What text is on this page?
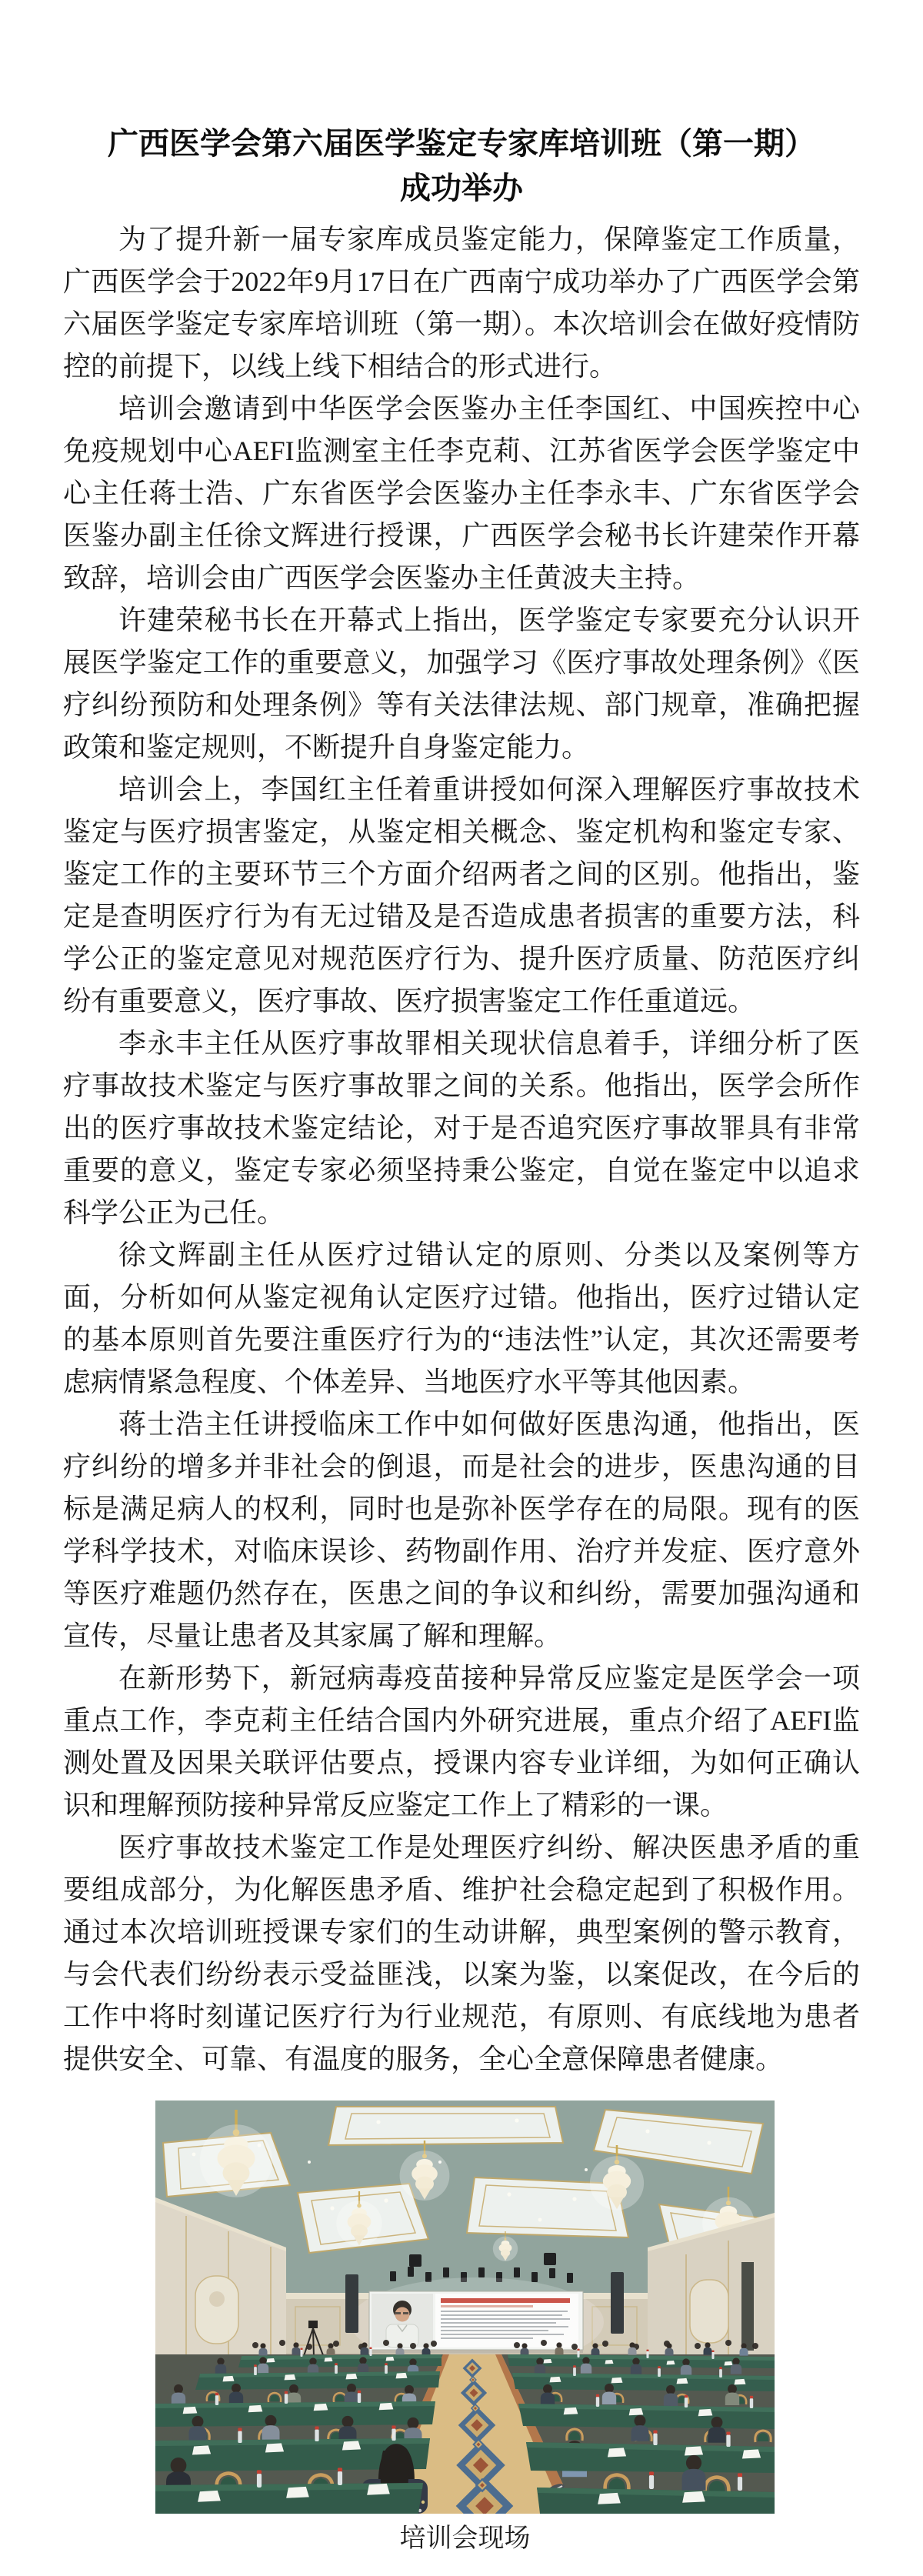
广西医学会第六届医学鉴定专家库培训班（第一期）
成功举办

为了提升新一届专家库成员鉴定能力，保障鉴定工作质量，广西医学会于2022年9月17日在广西南宁成功举办了广西医学会第六届医学鉴定专家库培训班（第一期）。本次培训会在做好疫情防控的前提下，以线上线下相结合的形式进行。

培训会邀请到中华医学会医鉴办主任李国红、中国疾控中心免疫规划中心AEFI监测室主任李克莉、江苏省医学会医学鉴定中心主任蒋士浩、广东省医学会医鉴办主任李永丰、广东省医学会医鉴办副主任徐文辉进行授课，广西医学会秘书长许建荣作开幕致辞，培训会由广西医学会医鉴办主任黄波夫主持。

许建荣秘书长在开幕式上指出，医学鉴定专家要充分认识开展医学鉴定工作的重要意义，加强学习《医疗事故处理条例》《医疗纠纷预防和处理条例》等有关法律法规、部门规章，准确把握政策和鉴定规则，不断提升自身鉴定能力。

培训会上，李国红主任着重讲授如何深入理解医疗事故技术鉴定与医疗损害鉴定，从鉴定相关概念、鉴定机构和鉴定专家、鉴定工作的主要环节三个方面介绍两者之间的区别。他指出，鉴定是查明医疗行为有无过错及是否造成患者损害的重要方法，科学公正的鉴定意见对规范医疗行为、提升医疗质量、防范医疗纠纷有重要意义，医疗事故、医疗损害鉴定工作任重道远。

李永丰主任从医疗事故罪相关现状信息着手，详细分析了医疗事故技术鉴定与医疗事故罪之间的关系。他指出，医学会所作出的医疗事故技术鉴定结论，对于是否追究医疗事故罪具有非常重要的意义，鉴定专家必须坚持秉公鉴定，自觉在鉴定中以追求科学公正为己任。

徐文辉副主任从医疗过错认定的原则、分类以及案例等方面，分析如何从鉴定视角认定医疗过错。他指出，医疗过错认定的基本原则首先要注重医疗行为的“违法性”认定，其次还需要考虑病情紧急程度、个体差异、当地医疗水平等其他因素。

蒋士浩主任讲授临床工作中如何做好医患沟通，他指出，医疗纠纷的增多并非社会的倒退，而是社会的进步，医患沟通的目标是满足病人的权利，同时也是弥补医学存在的局限。现有的医学科学技术，对临床误诊、药物副作用、治疗并发症、医疗意外等医疗难题仍然存在，医患之间的争议和纠纷，需要加强沟通和宣传，尽量让患者及其家属了解和理解。

在新形势下，新冠病毒疫苗接种异常反应鉴定是医学会一项重点工作，李克莉主任结合国内外研究进展，重点介绍了AEFI监测处置及因果关联评估要点，授课内容专业详细，为如何正确认识和理解预防接种异常反应鉴定工作上了精彩的一课。

医疗事故技术鉴定工作是处理医疗纠纷、解决医患矛盾的重要组成部分，为化解医患矛盾、维护社会稳定起到了积极作用。通过本次培训班授课专家们的生动讲解，典型案例的警示教育，与会代表们纷纷表示受益匪浅，以案为鉴，以案促改，在今后的工作中将时刻谨记医疗行为行业规范，有原则、有底线地为患者提供安全、可靠、有温度的服务，全心全意保障患者健康。

培训会现场
